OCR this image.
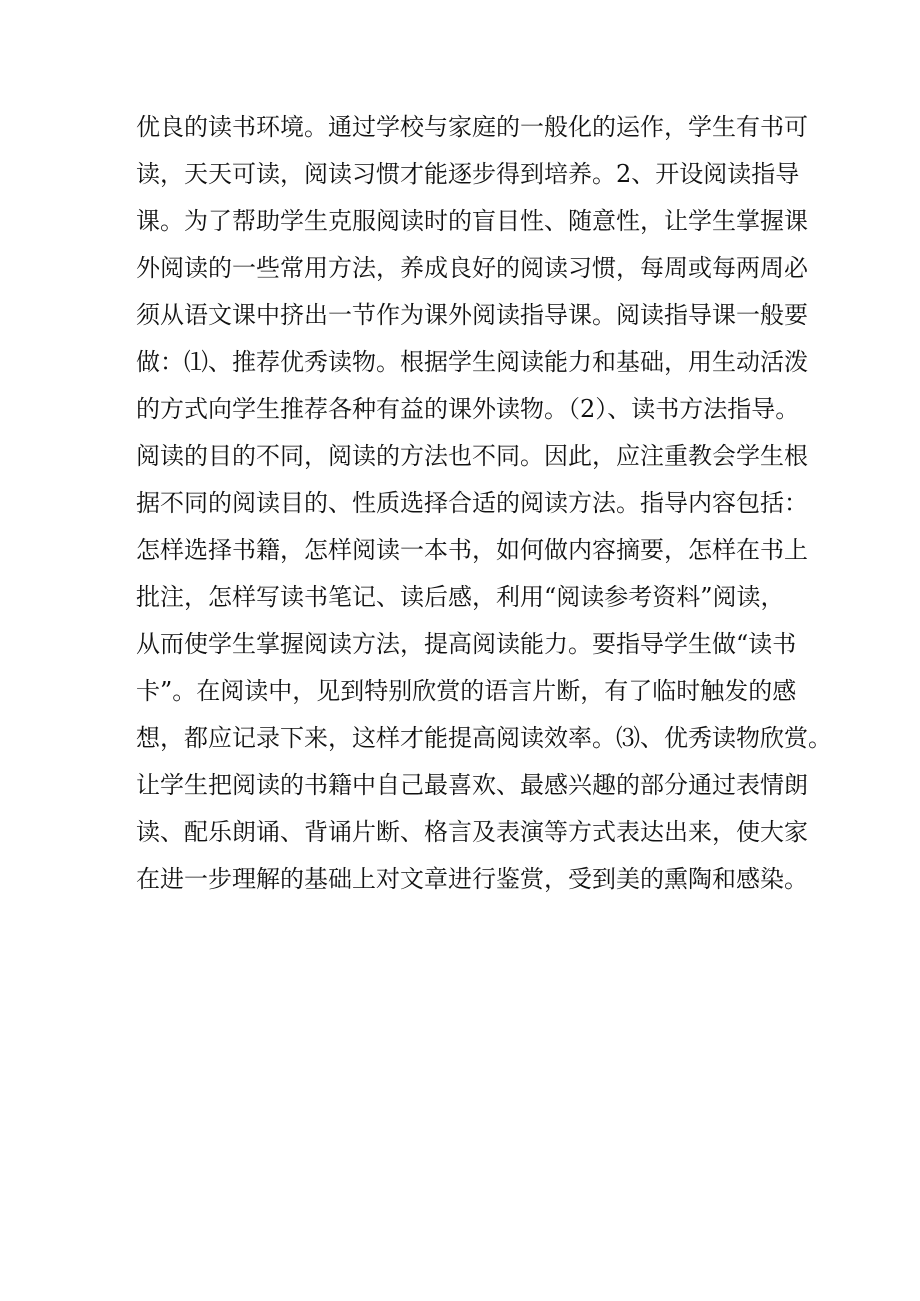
优良的读书环境。通过学校与家庭的一般化的运作，学生有书可
读，天天可读，阅读习惯才能逐步得到培养。2、开设阅读指导
课。为了帮助学生克服阅读时的盲目性、随意性，让学生掌握课
外阅读的一些常用方法，养成良好的阅读习惯，每周或每两周必
须从语文课中挤出一节作为课外阅读指导课。阅读指导课一般要
做：⑴、推荐优秀读物。根据学生阅读能力和基础，用生动活泼
的方式向学生推荐各种有益的课外读物。（2）、读书方法指导。
阅读的目的不同，阅读的方法也不同。因此，应注重教会学生根
据不同的阅读目的、性质选择合适的阅读方法。指导内容包括：
怎样选择书籍，怎样阅读一本书，如何做内容摘要，怎样在书上
批注，怎样写读书笔记、读后感，利用“阅读参考资料”阅读，
从而使学生掌握阅读方法，提高阅读能力。要指导学生做“读书
卡”。在阅读中，见到特别欣赏的语言片断，有了临时触发的感
想，都应记录下来，这样才能提高阅读效率。⑶、优秀读物欣赏。
让学生把阅读的书籍中自己最喜欢、最感兴趣的部分通过表情朗
读、配乐朗诵、背诵片断、格言及表演等方式表达出来，使大家
在进一步理解的基础上对文章进行鉴赏，受到美的熏陶和感染。
